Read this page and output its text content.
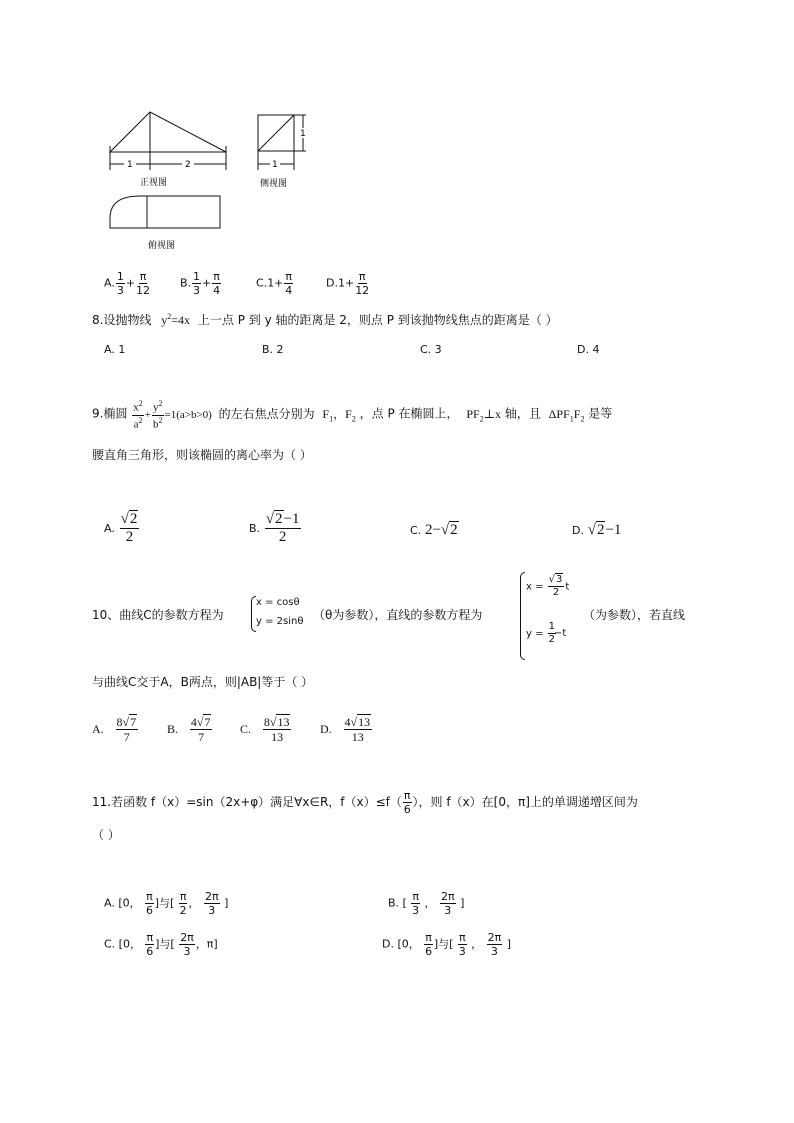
1	2
正视图
1
1
侧视图
俯视图
A. $\frac{1}{3} + \frac{\pi}{12}$	B. $\frac{1}{3} + \frac{\pi}{4}$	$C.1+ \frac{\pi}{4}$	$D.1+ \frac{\pi}{12}$
8.设抛物线 $y^2=4x$ 上一点 P 到 y 轴的距离是 2，则点 P 到该抛物线焦点的距离是（ ）
A. 1	B. 2	C. 3	D. 4
9.椭圆 $\frac{x^2}{a^2} + \frac{y^2}{b^2} =1(a>b>0)$ 的左右焦点分别为 $F_1$，$F_2$ ，点 P 在椭圆上， $PF_2\perp x$ 轴，且 $\Delta PF_1F_2$ 是等
腰直角三角形，则该椭圆的离心率为（ ）
A. $\frac{√2}{2}$	B. $\frac{√2-1}{2}$	C. 2−√2	D. √2−1
10、曲线C的参数方程为
x = cosθ
y = 2sinθ （θ为参数），直线的参数方程为
$x = \frac{√3}{2}$ t
$y = \frac{1}{2}$
−t
（为参数），若直线
与曲线C交于A，B两点，则|AB|等于（ ）
A. $\frac{8√7}{7} B$. $\frac{4√7}{7} C$. $\frac{8√13}{13} D$. $\frac{4√13}{13}$
11.若函数 f（x）=sin（2x+φ）满足∀x∈R，$f(x)\le f( \frac{\pi}{6}$ ），则 f（x）在[0，π]上的单调递增区间为
（ ）
A. [0， $\frac{\pi}{6}$ ]与[ $\frac{\pi}{2}$ ， $\frac{2\pi}{3}$ ]	B. [ $\frac{\pi}{3}$ ， $\frac{2\pi}{3}$ ]
C. [0， $\frac{\pi}{6}$ ]与[ $\frac{2\pi}{3}$ ，π]	D. [0， $\frac{\pi}{6}$ ]与[ $\frac{\pi}{3}$ ， $\frac{2\pi}{3}$ ]
